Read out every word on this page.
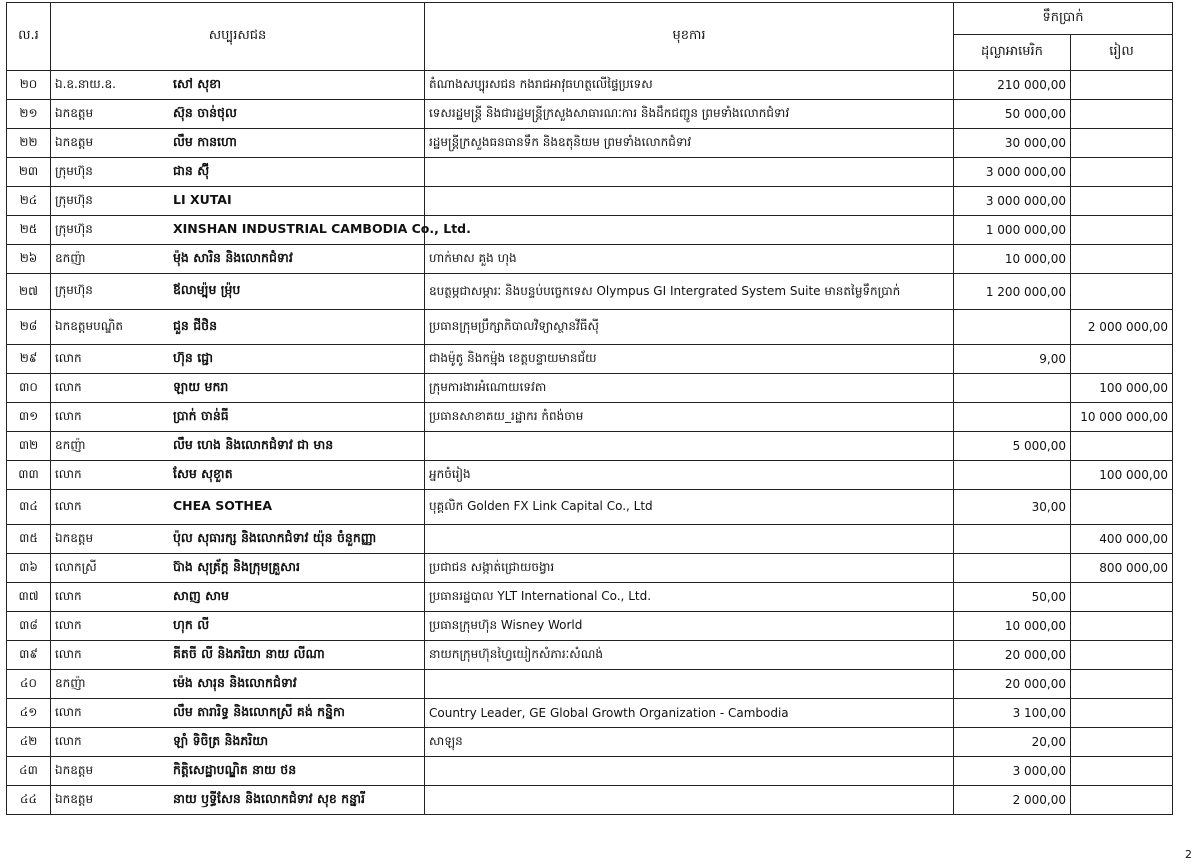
ល.រ	សប្បុរសជន	មុខការ	ទឹកប្រាក់	
			ដុល្លាអាមេរិក	រៀល
២០	ឯ.ឧ.នាយ.ឧ. សៅ សុខា	តំណាងសប្បុរសជន កងរាជអាវុធហត្ថលើផ្ទៃប្រទេស	210 000,00	
២១	ឯកឧត្តម ស៊ុន ចាន់ថុល	ទេសរដ្ឋមន្ត្រី និងជារដ្ឋមន្ត្រីក្រសួងសាធារណៈការ និងដឹកជញ្ជូន ព្រមទាំងលោកជំទាវ	50 000,00	
២២	ឯកឧត្តម លឹម កានហោ	រដ្ឋមន្ត្រីក្រសួងធនធានទឹក និងឧតុនិយម ព្រមទាំងលោកជំទាវ	30 000,00	
២៣	ក្រុមហ៊ុន ជាន ស៊ុី		3 000 000,00	
២៤	ក្រុមហ៊ុន LI XUTAI		3 000 000,00	
២៥	ក្រុមហ៊ុន XINSHAN INDUSTRIAL CAMBODIA Co., Ltd.		1 000 000,00	
២៦	ឧកញ៉ា ម៉ុង សារិន និងលោកជំទាវ	ហាក់មាស គួង ហុង	10 000,00	
២៧	ក្រុមហ៊ុន ឪលាម្ប៉ុម ម្រ៉ុប	ឧបត្ថម្ភជាសម្ភារៈ និងបន្ទប់បច្ចេកទេស Olympus GI Intergrated System Suite មានតម្លៃទឹកប្រាក់	1 200 000,00	
២៨	ឯកឧត្តមបណ្ឌិត ជួន ជីថិន	ប្រធានក្រុមប្រឹក្សាភិបាលវិទ្យាស្ថានវីធីស៊ី		2 000 000,00
២៩	លោក ហ៊ុន ជ្ជោ	ជាងម៉ូតូ និងកម្ម៉ុង ខេត្តបន្ទាយមានជ័យ	9,00	
៣០	លោក ឡាយ មករា	ក្រុមការងារអំណោយទេវតា		100 000,00
៣១	លោក ប្រាក់ ចាន់ធី	ប្រធានសាខាគយ_រដ្ឋាករ កំពង់ចាម		10 000 000,00
៣២	ឧកញ៉ា លឹម ហេង និងលោកជំទាវ ជា មាន		5 000,00	
៣៣	លោក សែម សុខួាត	អ្នកចំរៀង		100 000,00
៣៤	លោក CHEA SOTHEA	បុគ្គលិក Golden FX Link Capital Co., Ltd	30,00	
៣៥	ឯកឧត្តម ប៉ុល សុធារក្ស និងលោកជំទាវ យ៉ុន ចំនួកញ្ញា			400 000,00
៣៦	លោកស្រី ប៊ាង សុត្រ័ក្ត និងក្រុមគ្រួសារ	ប្រជាជន សង្កាត់ជ្រោយចង្វារ		800 000,00
៣៧	លោក សាញ សាម	ប្រធានរដ្ឋបាល YLT International Co., Ltd.	50,00	
៣៨	លោក ហុក លី	ប្រធានក្រុមហ៊ុន Wisney World	10 000,00	
៣៩	លោក គីតចី លី និងភរិយា នាយ លីណា	នាយកក្រុមហ៊ុនហ្វៃយៀកសំភារៈសំណង់	20 000,00	
៤០	ឧកញ៉ា ម៉េង សារុន និងលោកជំទាវ		20 000,00	
៤១	លោក លឹម តារារិទ្ធ និងលោកស្រី គង់ កន្និកា	Country Leader, GE Global Growth Organization - Cambodia	3 100,00	
៤២	លោក ឡាំ ទិចិត្រ និងភរិយា	សាឡុន	20,00	
៤៣	ឯកឧត្តម កិត្តិសេដ្ឋាបណ្ឌិត នាយ ថន		3 000,00	
៤៤	ឯកឧត្តម នាយ ឫទ្ធីសែន និងលោកជំទាវ សុខ កន្នារី		2 000,00	
2
